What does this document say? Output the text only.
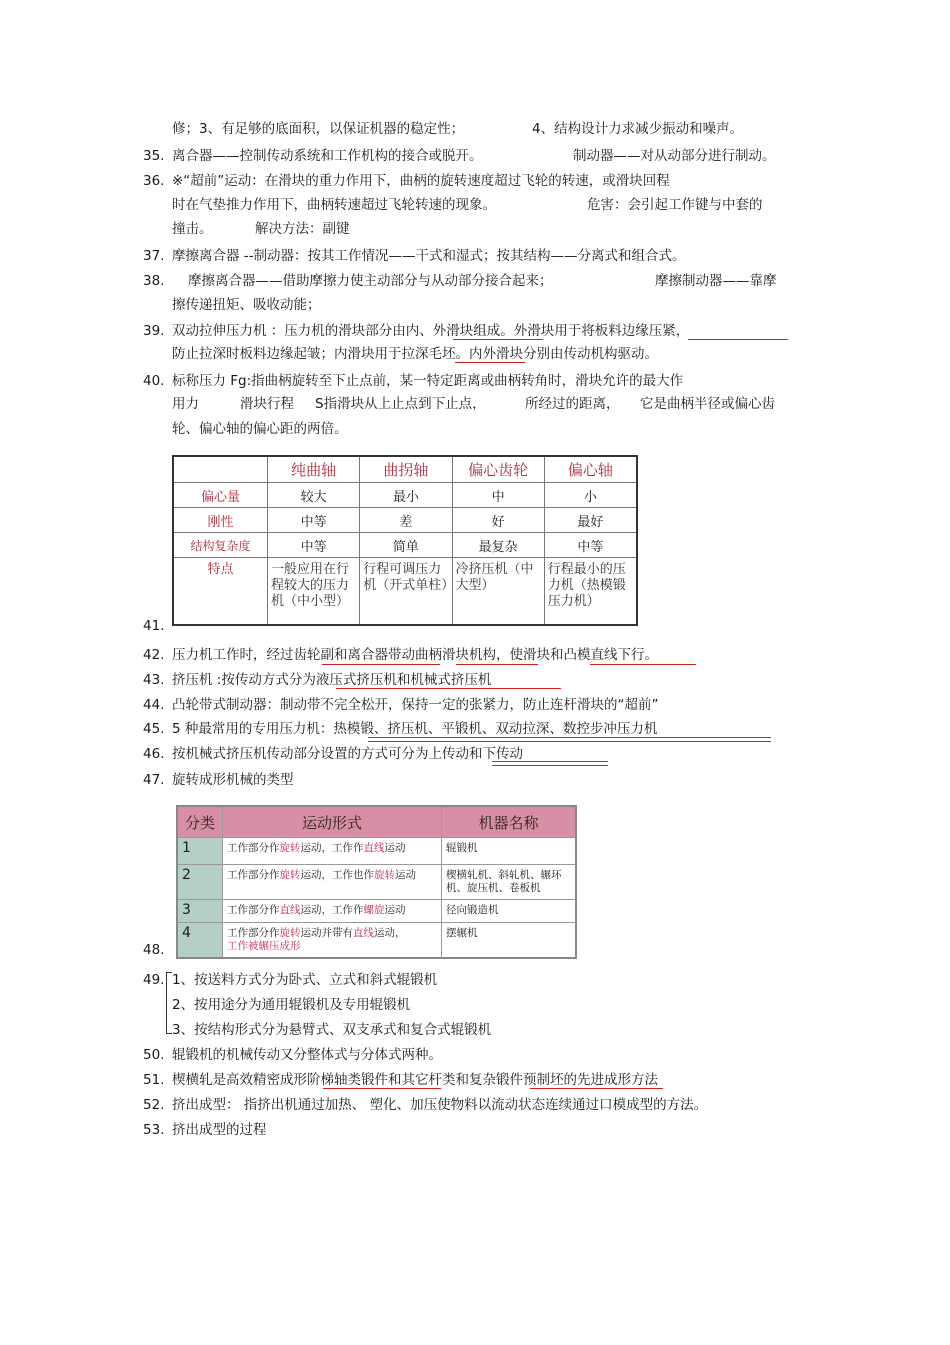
修；3、有足够的底面积，以保证机器的稳定性；	4、结构设计力求减少振动和噪声。
35. 离合器——控制传动系统和工作机构的接合或脱开。	制动器——对从动部分进行制动。
36. ※“超前”运动：在滑块的重力作用下，曲柄的旋转速度超过飞轮的转速，或滑块回程
时在气垫推力作用下，曲柄转速超过飞轮转速的现象。	危害：会引起工作键与中套的
撞击。	解决方法：副键
37. 摩擦离合器 --制动器：按其工作情况——干式和湿式；按其结构——分离式和组合式。
38. 摩擦离合器——借助摩擦力使主动部分与从动部分接合起来；	摩擦制动器——靠摩
擦传递扭矩、吸收动能；
39. 双动拉伸压力机 ：压力机的滑块部分由内、外滑块组成。外滑块用于将板料边缘压紧，
防止拉深时板料边缘起皱；内滑块用于拉深毛坯。内外滑块分别由传动机构驱动。
40. 标称压力 Fg:指曲柄旋转至下止点前，某一特定距离或曲柄转角时，滑块允许的最大作
用力	滑块行程 S指滑块从上止点到下止点，	所经过的距离， 它是曲柄半径或偏心齿
轮、偏心轴的偏心距的两倍。
	纯曲轴	曲拐轴	偏心齿轮	偏心轴
偏心量	较大	最小	中	小
刚性	中等	差	好	最好
结构复杂度	中等	简单	最复杂	中等
特点	一般应用在行程较大的压力机（中小型）	行程可调压力机（开式单柱）	冷挤压机（中大型）	行程最小的压力机（热模锻压力机）
41.
42. 压力机工作时，经过齿轮副和离合器带动曲柄滑块机构，使滑块和凸模直线下行。
43. 挤压机 :按传动方式分为液压式挤压机和机械式挤压机
44. 凸轮带式制动器：制动带不完全松开，保持一定的张紧力，防止连杆滑块的“超前”
45. 5 种最常用的专用压力机：热模锻、挤压机、平锻机、双动拉深、数控步冲压力机
46. 按机械式挤压机传动部分设置的方式可分为上传动和下传动
47. 旋转成形机械的类型
分类	运动形式	机器名称
1	工作部分作旋转运动，工作作直线运动	辊锻机
2	工作部分作旋转运动，工作也作旋转运动	楔横轧机、斜轧机、辗环机、旋压机、卷板机
3	工作部分作直线运动，工作作螺旋运动	径向锻造机
4	工作部分作旋转运动并带有直线运动，
工作被辗压成形	摆辗机
48.
49. 1、按送料方式分为卧式、立式和斜式辊锻机
2、按用途分为通用辊锻机及专用辊锻机
3、按结构形式分为悬臂式、双支承式和复合式辊锻机
50. 辊锻机的机械传动又分整体式与分体式两种。
51. 楔横轧是高效精密成形阶梯轴类锻件和其它杆类和复杂锻件预制坯的先进成形方法
52. 挤出成型： 指挤出机通过加热、 塑化、加压使物料以流动状态连续通过口模成型的方法。
53. 挤出成型的过程
